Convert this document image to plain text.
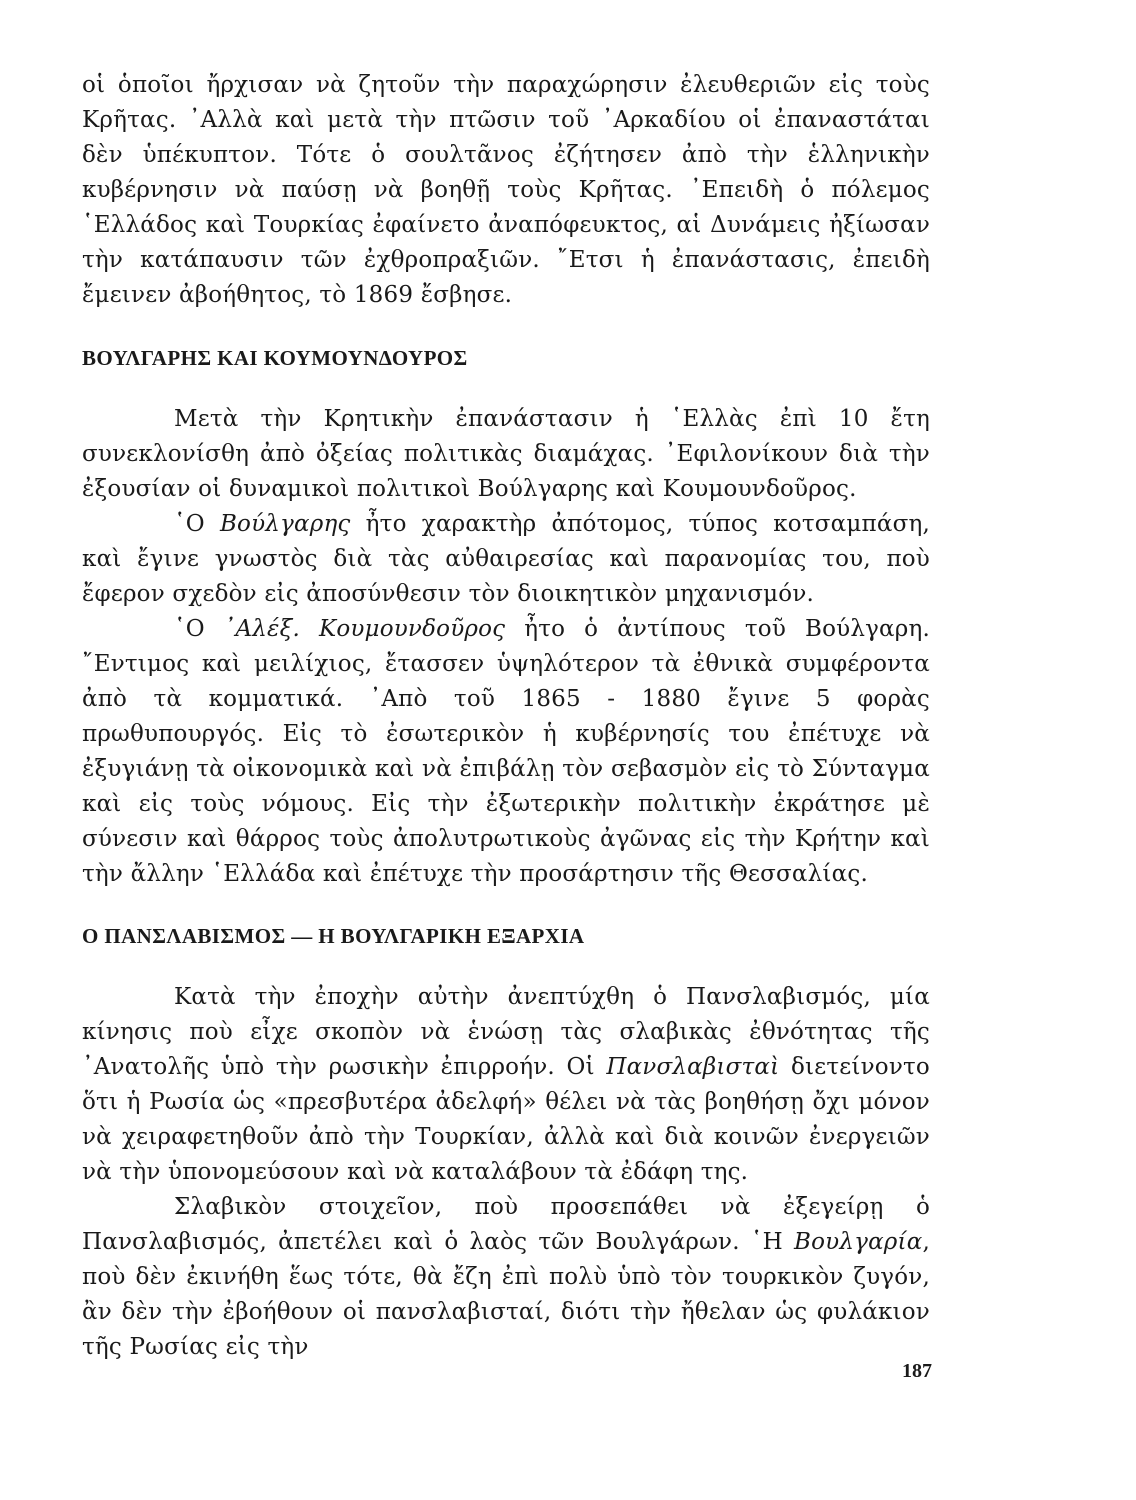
οἱ ὁποῖοι ἤρχισαν νὰ ζητοῦν τὴν παραχώρησιν ἐλευθεριῶν εἰς τοὺς Κρῆτας. ᾿Αλλὰ καὶ μετὰ τὴν πτῶσιν τοῦ ᾿Αρκαδίου οἱ ἐπαναστάται δὲν ὑπέκυπτον. Τότε ὁ σουλτᾶνος ἐζήτησεν ἀπὸ τὴν ἑλληνικὴν κυβέρνησιν νὰ παύσῃ νὰ βοηθῇ τοὺς Κρῆτας. ᾿Επειδὴ ὁ πόλεμος ῾Ελλάδος καὶ Τουρκίας ἐφαίνετο ἀναπόφευκτος, αἱ Δυνάμεις ἠξίωσαν τὴν κατάπαυσιν τῶν ἐχθροπραξιῶν. ῎Ετσι ἡ ἐπανάστασις, ἐπειδὴ ἔμεινεν ἀβοήθητος, τὸ 1869 ἔσβησε.

ΒΟΥΛΓΑΡΗΣ ΚΑΙ ΚΟΥΜΟΥΝΔΟΥΡΟΣ

Μετὰ τὴν Κρητικὴν ἐπανάστασιν ἡ ῾Ελλὰς ἐπὶ 10 ἔτη συνεκλονίσθη ἀπὸ ὀξείας πολιτικὰς διαμάχας. ᾿Εφιλονίκουν διὰ τὴν ἐξουσίαν οἱ δυναμικοὶ πολιτικοὶ Βούλγαρης καὶ Κουμουνδοῦρος.

῾Ο Βούλγαρης ἦτο χαρακτὴρ ἀπότομος, τύπος κοτσαμπάση, καὶ ἔγινε γνωστὸς διὰ τὰς αὐθαιρεσίας καὶ παρανομίας του, ποὺ ἔφερον σχεδὸν εἰς ἀποσύνθεσιν τὸν διοικητικὸν μηχανισμόν.

῾Ο ᾿Αλέξ. Κουμουνδοῦρος ἦτο ὁ ἀντίπους τοῦ Βούλγαρη. ῎Εντιμος καὶ μειλίχιος, ἔτασσεν ὑψηλότερον τὰ ἐθνικὰ συμφέροντα ἀπὸ τὰ κομματικά. ᾿Απὸ τοῦ 1865 - 1880 ἔγινε 5 φορὰς πρωθυπουργός. Εἰς τὸ ἐσωτερικὸν ἡ κυβέρνησίς του ἐπέτυχε νὰ ἐξυγιάνῃ τὰ οἰκονομικὰ καὶ νὰ ἐπιβάλῃ τὸν σεβασμὸν εἰς τὸ Σύνταγμα καὶ εἰς τοὺς νόμους. Εἰς τὴν ἐξωτερικὴν πολιτικὴν ἐκράτησε μὲ σύνεσιν καὶ θάρρος τοὺς ἀπολυτρωτικοὺς ἀγῶνας εἰς τὴν Κρήτην καὶ τὴν ἄλλην ῾Ελλάδα καὶ ἐπέτυχε τὴν προσάρτησιν τῆς Θεσσαλίας.

Ο ΠΑΝΣΛΑΒΙΣΜΟΣ — Η ΒΟΥΛΓΑΡΙΚΗ ΕΞΑΡΧΙΑ

Κατὰ τὴν ἐποχὴν αὐτὴν ἀνεπτύχθη ὁ Πανσλαβισμός, μία κίνησις ποὺ εἶχε σκοπὸν νὰ ἑνώσῃ τὰς σλαβικὰς ἐθνότητας τῆς ᾿Ανατολῆς ὑπὸ τὴν ρωσικὴν ἐπιρροήν. Οἱ Πανσλαβισταὶ διετείνοντο ὅτι ἡ Ρωσία ὡς «πρεσβυτέρα ἀδελφή» θέλει νὰ τὰς βοηθήσῃ ὄχι μόνον νὰ χειραφετηθοῦν ἀπὸ τὴν Τουρκίαν, ἀλλὰ καὶ διὰ κοινῶν ἐνεργειῶν νὰ τὴν ὑπονομεύσουν καὶ νὰ καταλάβουν τὰ ἐδάφη της.

Σλαβικὸν στοιχεῖον, ποὺ προσεπάθει νὰ ἐξεγείρῃ ὁ Πανσλαβισμός, ἀπετέλει καὶ ὁ λαὸς τῶν Βουλγάρων. ῾Η Βουλγαρία, ποὺ δὲν ἐκινήθη ἕως τότε, θὰ ἔζη ἐπὶ πολὺ ὑπὸ τὸν τουρκικὸν ζυγόν, ἂν δὲν τὴν ἐβοήθουν οἱ πανσλαβισταί, διότι τὴν ἤθελαν ὡς φυλάκιον τῆς Ρωσίας εἰς τὴν

187
